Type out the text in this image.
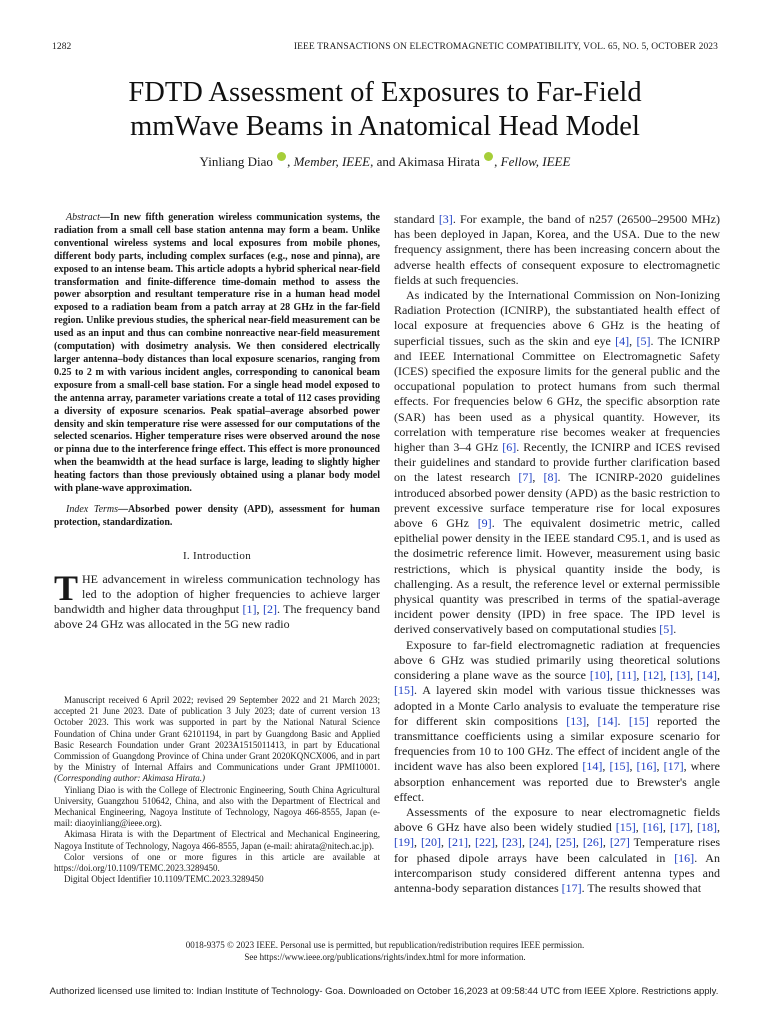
1282	IEEE TRANSACTIONS ON ELECTROMAGNETIC COMPATIBILITY, VOL. 65, NO. 5, OCTOBER 2023
FDTD Assessment of Exposures to Far-Field
mmWave Beams in Anatomical Head Model
Yinliang Diao , Member, IEEE, and Akimasa Hirata , Fellow, IEEE

Abstract—In new fifth generation wireless communication systems, the radiation from a small cell base station antenna may form a beam. Unlike conventional wireless systems and local exposures from mobile phones, different body parts, including complex surfaces (e.g., nose and pinna), are exposed to an intense beam. This article adopts a hybrid spherical near-field transformation and finite-difference time-domain method to assess the power absorption and resultant temperature rise in a human head model exposed to a radiation beam from a patch array at 28 GHz in the far-field region. Unlike previous studies, the spherical near-field measurement can be used as an input and thus can combine nonreactive near-field measurement (computation) with dosimetry analysis. We then considered electrically larger antenna–body distances than local exposure scenarios, ranging from 0.25 to 2 m with various incident angles, corresponding to canonical beam exposure from a small-cell base station. For a single head model exposed to the antenna array, parameter variations create a total of 112 cases providing a diversity of exposure scenarios. Peak spatial–average absorbed power density and skin temperature rise were assessed for our computations of the selected scenarios. Higher temperature rises were observed around the nose or pinna due to the interference fringe effect. This effect is more pronounced when the beamwidth at the head surface is large, leading to slightly higher heating factors than those previously obtained using a planar body model with plane-wave approximation.

Index Terms—Absorbed power density (APD), assessment for human protection, standardization.

I. Introduction

THE advancement in wireless communication technology has led to the adoption of higher frequencies to achieve larger bandwidth and higher data throughput [1], [2]. The frequency band above 24 GHz was allocated in the 5G new radio

Manuscript received 6 April 2022; revised 29 September 2022 and 21 March 2023; accepted 21 June 2023. Date of publication 3 July 2023; date of current version 13 October 2023. This work was supported in part by the National Natural Science Foundation of China under Grant 62101194, in part by Guangdong Basic and Applied Basic Research Foundation under Grant 2023A1515011413, in part by Educational Commission of Guangdong Province of China under Grant 2020KQNCX006, and in part by the Ministry of Internal Affairs and Communications under Grant JPMI10001. (Corresponding author: Akimasa Hirata.)

Yinliang Diao is with the College of Electronic Engineering, South China Agricultural University, Guangzhou 510642, China, and also with the Department of Electrical and Mechanical Engineering, Nagoya Institute of Technology, Nagoya 466-8555, Japan (e-mail: diaoyinliang@ieee.org).

Akimasa Hirata is with the Department of Electrical and Mechanical Engineering, Nagoya Institute of Technology, Nagoya 466-8555, Japan (e-mail: ahirata@nitech.ac.jp).

Color versions of one or more figures in this article are available at https://doi.org/10.1109/TEMC.2023.3289450.

Digital Object Identifier 10.1109/TEMC.2023.3289450

standard [3]. For example, the band of n257 (26500–29500 MHz) has been deployed in Japan, Korea, and the USA. Due to the new frequency assignment, there has been increasing concern about the adverse health effects of consequent exposure to electromagnetic fields at such frequencies.

As indicated by the International Commission on Non-Ionizing Radiation Protection (ICNIRP), the substantiated health effect of local exposure at frequencies above 6 GHz is the heating of superficial tissues, such as the skin and eye [4], [5]. The ICNIRP and IEEE International Committee on Electromagnetic Safety (ICES) specified the exposure limits for the general public and the occupational population to protect humans from such thermal effects. For frequencies below 6 GHz, the specific absorption rate (SAR) has been used as a physical quantity. However, its correlation with temperature rise becomes weaker at frequencies higher than 3–4 GHz [6]. Recently, the ICNIRP and ICES revised their guidelines and standard to provide further clarification based on the latest research [7], [8]. The ICNIRP-2020 guidelines introduced absorbed power density (APD) as the basic restriction to prevent excessive surface temperature rise for local exposures above 6 GHz [9]. The equivalent dosimetric metric, called epithelial power density in the IEEE standard C95.1, and is used as the dosimetric reference limit. However, measurement using basic restrictions, which is physical quantity inside the body, is challenging. As a result, the reference level or external permissible physical quantity was prescribed in terms of the spatial-average incident power density (IPD) in free space. The IPD level is derived conservatively based on computational studies [5].

Exposure to far-field electromagnetic radiation at frequencies above 6 GHz was studied primarily using theoretical solutions considering a plane wave as the source [10], [11], [12], [13], [14], [15]. A layered skin model with various tissue thicknesses was adopted in a Monte Carlo analysis to evaluate the temperature rise for different skin compositions [13], [14]. [15] reported the transmittance coefficients using a similar exposure scenario for frequencies from 10 to 100 GHz. The effect of incident angle of the incident wave has also been explored [14], [15], [16], [17], where absorption enhancement was reported due to Brewster's angle effect.

Assessments of the exposure to near electromagnetic fields above 6 GHz have also been widely studied [15], [16], [17], [18], [19], [20], [21], [22], [23], [24], [25], [26], [27] Temperature rises for phased dipole arrays have been calculated in [16]. An intercomparison study considered different antenna types and antenna-body separation distances [17]. The results showed that

0018-9375 © 2023 IEEE. Personal use is permitted, but republication/redistribution requires IEEE permission.
See https://www.ieee.org/publications/rights/index.html for more information.
Authorized licensed use limited to: Indian Institute of Technology- Goa. Downloaded on October 16,2023 at 09:58:44 UTC from IEEE Xplore. Restrictions apply.
